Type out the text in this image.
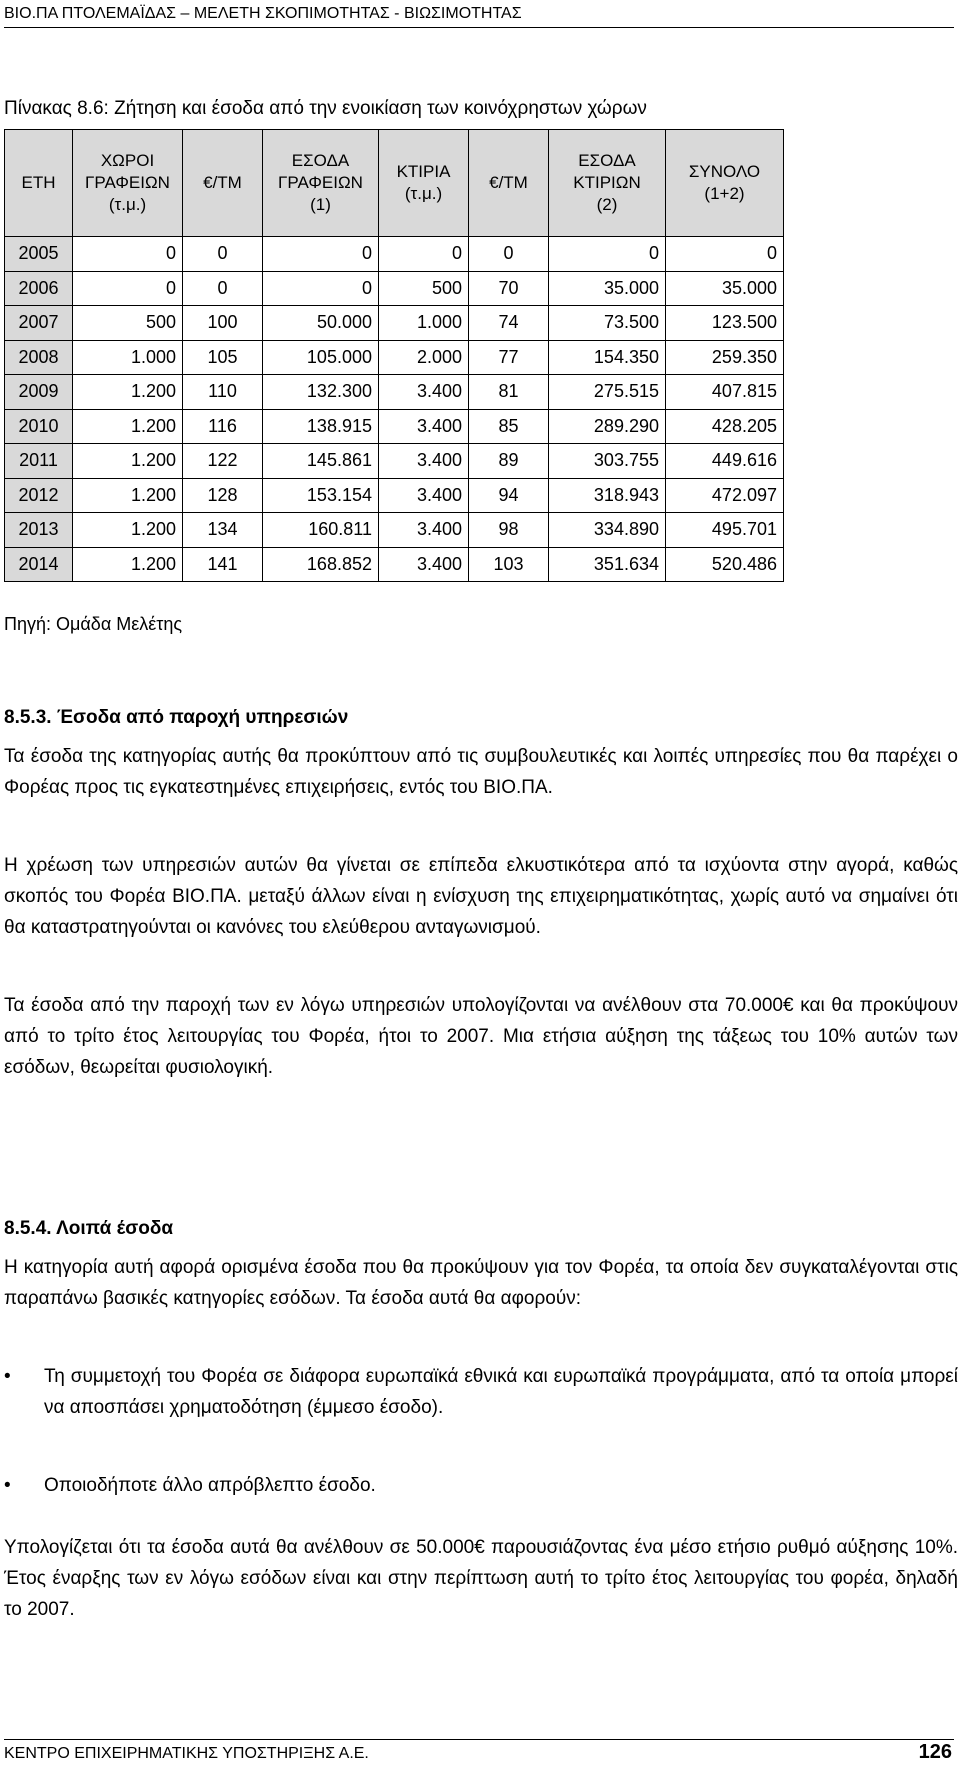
ΒΙΟ.ΠΑ ΠΤΟΛΕΜΑΪΔΑΣ – ΜΕΛΕΤΗ ΣΚΟΠΙΜΟΤΗΤΑΣ - ΒΙΩΣΙΜΟΤΗΤΑΣ
Πίνακας 8.6: Ζήτηση και έσοδα από την ενοικίαση των κοινόχρηστων χώρων
ΕΤΗ	ΧΩΡΟΙ
ΓΡΑΦΕΙΩΝ
(τ.μ.)	€/ΤΜ	ΕΣΟΔΑ
ΓΡΑΦΕΙΩΝ
(1)	ΚΤΙΡΙΑ
(τ.μ.)	€/ΤΜ	ΕΣΟΔΑ
ΚΤΙΡΙΩΝ
(2)	ΣΥΝΟΛΟ
(1+2)
2005	0	0	0	0	0	0	0
2006	0	0	0	500	70	35.000	35.000
2007	500	100	50.000	1.000	74	73.500	123.500
2008	1.000	105	105.000	2.000	77	154.350	259.350
2009	1.200	110	132.300	3.400	81	275.515	407.815
2010	1.200	116	138.915	3.400	85	289.290	428.205
2011	1.200	122	145.861	3.400	89	303.755	449.616
2012	1.200	128	153.154	3.400	94	318.943	472.097
2013	1.200	134	160.811	3.400	98	334.890	495.701
2014	1.200	141	168.852	3.400	103	351.634	520.486
Πηγή: Ομάδα Μελέτης
8.5.3. Έσοδα από παροχή υπηρεσιών
Τα έσοδα της κατηγορίας αυτής θα προκύπτουν από τις συμβουλευτικές και λοιπές υπηρεσίες που θα παρέχει ο Φορέας προς τις εγκατεστημένες επιχειρήσεις, εντός του ΒΙΟ.ΠΑ.
Η χρέωση των υπηρεσιών αυτών θα γίνεται σε επίπεδα ελκυστικότερα από τα ισχύοντα στην αγορά, καθώς σκοπός του Φορέα ΒΙΟ.ΠΑ. μεταξύ άλλων είναι η ενίσχυση της επιχειρηματικότητας, χωρίς αυτό να σημαίνει ότι θα καταστρατηγούνται οι κανόνες του ελεύθερου ανταγωνισμού.
Τα έσοδα από την παροχή των εν λόγω υπηρεσιών υπολογίζονται να ανέλθουν στα 70.000€ και θα προκύψουν από το τρίτο έτος λειτουργίας του Φορέα, ήτοι το 2007. Μια ετήσια αύξηση της τάξεως του 10% αυτών των εσόδων, θεωρείται φυσιολογική.
8.5.4. Λοιπά έσοδα
Η κατηγορία αυτή αφορά ορισμένα έσοδα που θα προκύψουν για τον Φορέα, τα οποία δεν συγκαταλέγονται στις παραπάνω βασικές κατηγορίες εσόδων. Τα έσοδα αυτά θα αφορούν:
•	Τη συμμετοχή του Φορέα σε διάφορα ευρωπαϊκά εθνικά και ευρωπαϊκά προγράμματα, από τα οποία μπορεί να αποσπάσει χρηματοδότηση (έμμεσο έσοδο).
•	Οποιοδήποτε άλλο απρόβλεπτο έσοδο.
Υπολογίζεται ότι τα έσοδα αυτά θα ανέλθουν σε 50.000€ παρουσιάζοντας ένα μέσο ετήσιο ρυθμό αύξησης 10%. Έτος έναρξης των εν λόγω εσόδων είναι και στην περίπτωση αυτή το τρίτο έτος λειτουργίας του φορέα, δηλαδή το 2007.
ΚΕΝΤΡΟ ΕΠΙΧΕΙΡΗΜΑΤΙΚΗΣ ΥΠΟΣΤΗΡΙΞΗΣ Α.Ε.	126
